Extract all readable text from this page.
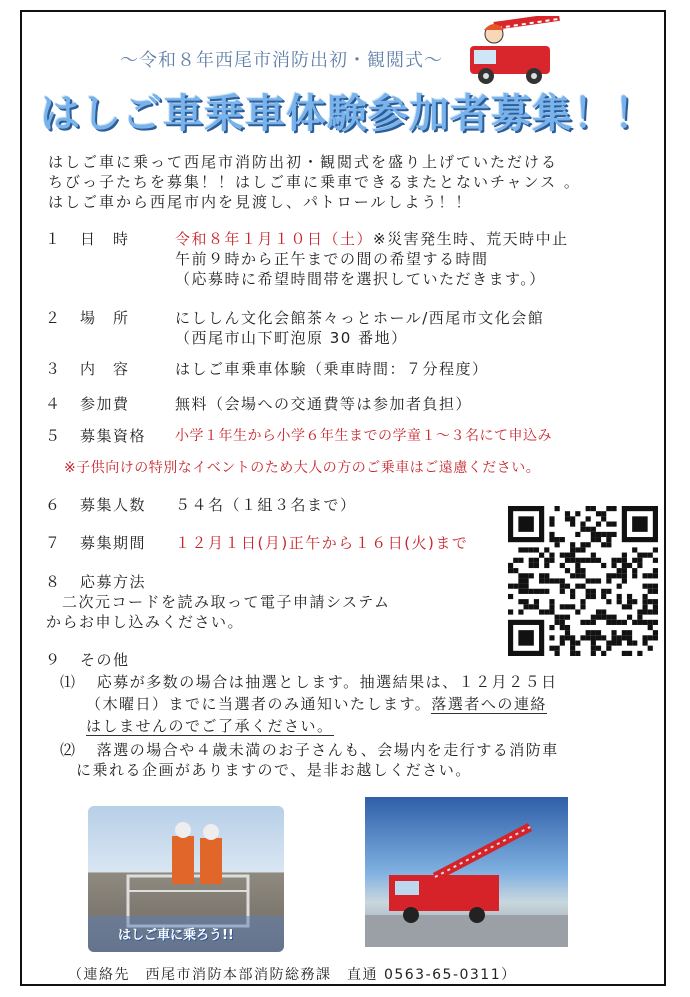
～令和８年西尾市消防出初・観閲式～
はしご車乗車体験参加者募集！！
はしご車に乗って西尾市消防出初・観閲式を盛り上げていただける
ちびっ子たちを募集！！はしご車に乗車できるまたとないチャンス 。
はしご車から西尾市内を見渡し、パトロールしよう！！
１ 日　時	令和８年１月１０日（土）※災害発生時、荒天時中止
午前９時から正午までの間の希望する時間
（応募時に希望時間帯を選択していただきます。）
２ 場　所	にししん文化会館茶々っとホール/西尾市文化会館
（西尾市山下町泡原 30 番地）
３ 内　容	はしご車乗車体験（乗車時間：７分程度）
４ 参加費	無料（会場への交通費等は参加者負担）
５ 募集資格 小学１年生から小学６年生までの学童１～３名にて申込み
※子供向けの特別なイベントのため大人の方のご乗車はご遠慮ください。
６ 募集人数 ５４名（１組３名まで）
７ 募集期間 １２月１日(月)正午から１６日(火)まで
８ 応募方法
二次元コードを読み取って電子申請システム
からお申し込みください。
９ その他
⑴ 応募が多数の場合は抽選とします。抽選結果は、１２月２５日
（木曜日）までに当選者のみ通知いたします。落選者への連絡
はしませんのでご了承ください。
⑵ 落選の場合や４歳未満のお子さんも、会場内を走行する消防車
に乗れる企画がありますので、是非お越しください。
はしご車に乗ろう!!
（連絡先　西尾市消防本部消防総務課　直通 0563-65-0311）
